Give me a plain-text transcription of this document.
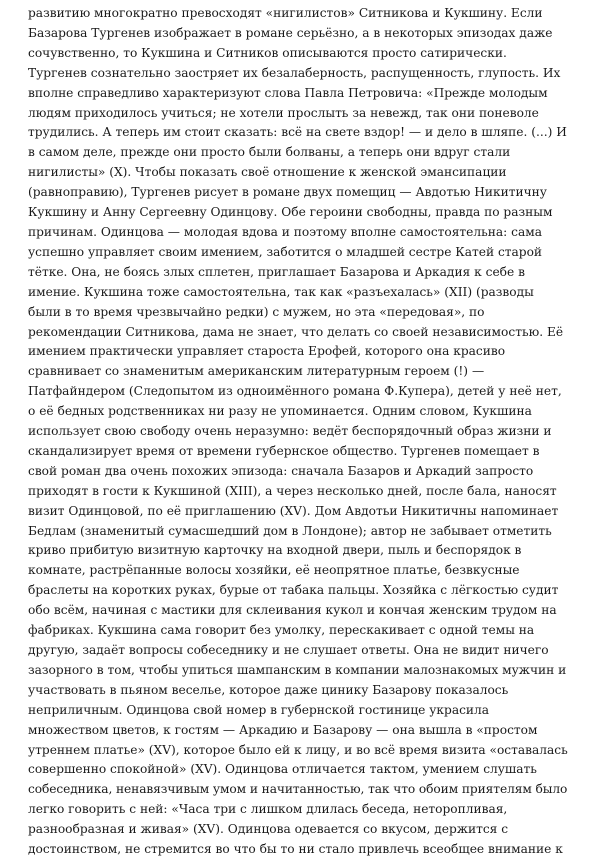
развитию многократно превосходят «нигилистов» Ситникова и Кукшину. Если
Базарова Тургенев изображает в романе серьёзно, а в некоторых эпизодах даже
сочувственно, то Кукшина и Ситников описываются просто сатирически.
Тургенев сознательно заостряет их безалаберность, распущенность, глупость. Их
вполне справедливо характеризуют слова Павла Петровича: «Прежде молодым
людям приходилось учиться; не хотели прослыть за невежд, так они поневоле
трудились. А теперь им стоит сказать: всё на свете вздор! — и дело в шляпе. (...) И
в самом деле, прежде они просто были болваны, а теперь они вдруг стали
нигилисты» (X). Чтобы показать своё отношение к женской эмансипации
(равноправию), Тургенев рисует в романе двух помещиц — Авдотью Никитичну
Кукшину и Анну Сергеевну Одинцову. Обе героини свободны, правда по разным
причинам. Одинцова — молодая вдова и поэтому вполне самостоятельна: сама
успешно управляет своим имением, заботится о младшей сестре Катей старой
тётке. Она, не боясь злых сплетен, приглашает Базарова и Аркадия к себе в
имение. Кукшина тоже самостоятельна, так как «разъехалась» (XII) (разводы
были в то время чрезвычайно редки) с мужем, но эта «передовая», по
рекомендации Ситникова, дама не знает, что делать со своей независимостью. Её
имением практически управляет староста Ерофей, которого она красиво
сравнивает со знаменитым американским литературным героем (!) —
Патфайндером (Следопытом из одноимённого романа Ф.Купера), детей у неё нет,
о её бедных родственниках ни разу не упоминается. Одним словом, Кукшина
использует свою свободу очень неразумно: ведёт беспорядочный образ жизни и
скандализирует время от времени губернское общество. Тургенев помещает в
свой роман два очень похожих эпизода: сначала Базаров и Аркадий запросто
приходят в гости к Кукшиной (XIII), а через несколько дней, после бала, наносят
визит Одинцовой, по её приглашению (XV). Дом Авдотьи Никитичны напоминает
Бедлам (знаменитый сумасшедший дом в Лондоне); автор не забывает отметить
криво прибитую визитную карточку на входной двери, пыль и беспорядок в
комнате, растрёпанные волосы хозяйки, её неопрятное платье, безвкусные
браслеты на коротких руках, бурые от табака пальцы. Хозяйка с лёгкостью судит
обо всём, начиная с мастики для склеивания кукол и кончая женским трудом на
фабриках. Кукшина сама говорит без умолку, перескакивает с одной темы на
другую, задаёт вопросы собеседнику и не слушает ответы. Она не видит ничего
зазорного в том, чтобы упиться шампанским в компании малознакомых мужчин и
участвовать в пьяном веселье, которое даже цинику Базарову показалось
неприличным. Одинцова свой номер в губернской гостинице украсила
множеством цветов, к гостям — Аркадию и Базарову — она вышла в «простом
утреннем платье» (XV), которое было ей к лицу, и во всё время визита «оставалась
совершенно спокойной» (XV). Одинцова отличается тактом, умением слушать
собеседника, ненавязчивым умом и начитанностью, так что обоим приятелям было
легко говорить с ней: «Часа три с лишком длилась беседа, неторопливая,
разнообразная и живая» (XV). Одинцова одевается со вкусом, держится с
достоинством, не стремится во что бы то ни стало привлечь всеобщее внимание к
